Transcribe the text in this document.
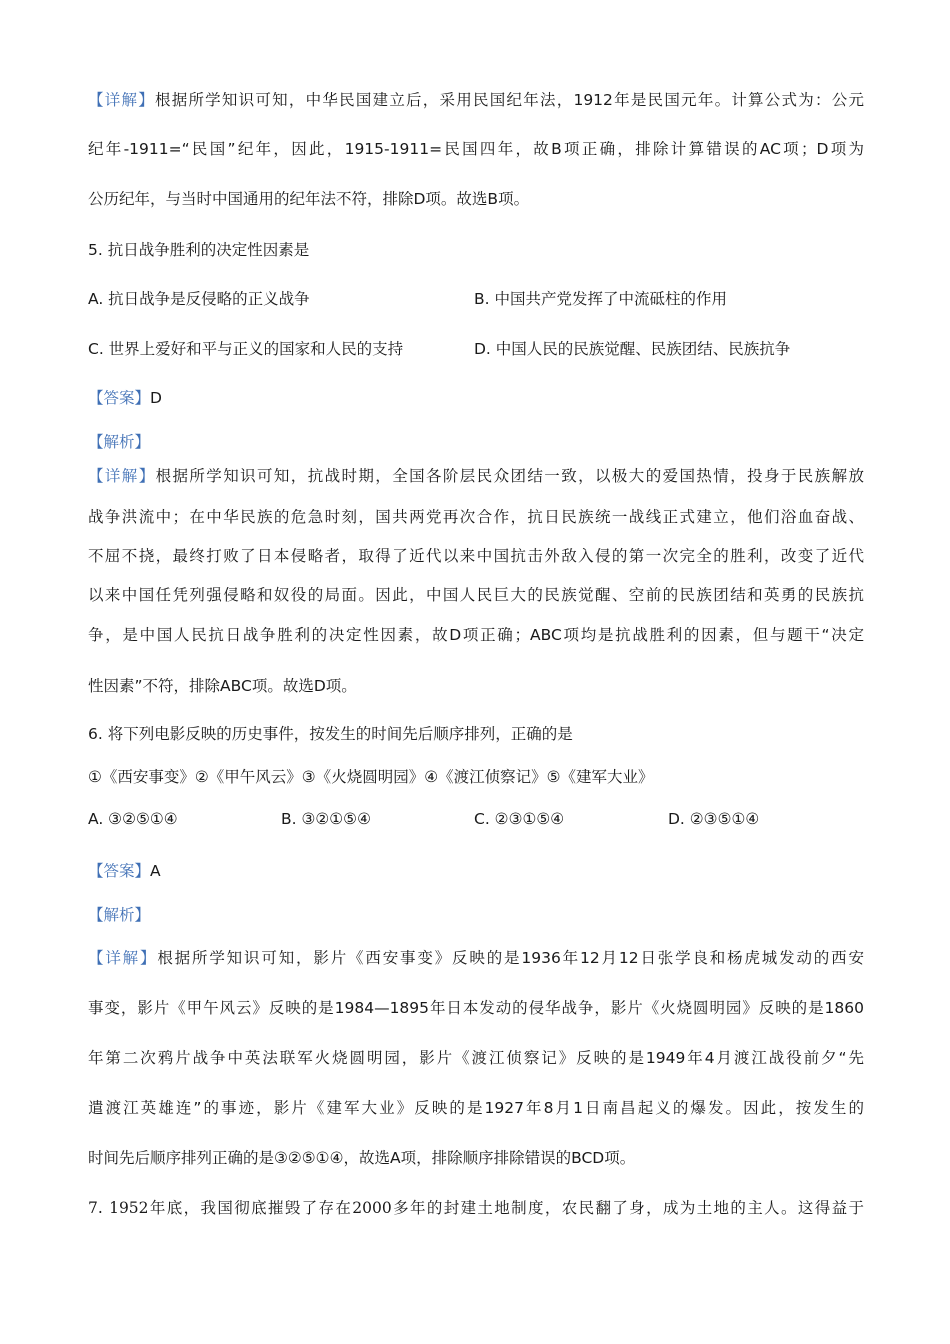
【详解】根据所学知识可知，中华民国建立后，采用民国纪年法，1912年是民国元年。计算公式为：公元
纪年-1911=“民国”纪年，因此，1915-1911=民国四年，故B项正确，排除计算错误的AC项；D项为
公历纪年，与当时中国通用的纪年法不符，排除D项。故选B项。
5. 抗日战争胜利的决定性因素是
A. 抗日战争是反侵略的正义战争	B. 中国共产党发挥了中流砥柱的作用
C. 世界上爱好和平与正义的国家和人民的支持	D. 中国人民的民族觉醒、民族团结、民族抗争
【答案】D
【解析】
【详解】根据所学知识可知，抗战时期，全国各阶层民众团结一致，以极大的爱国热情，投身于民族解放
战争洪流中；在中华民族的危急时刻，国共两党再次合作，抗日民族统一战线正式建立，他们浴血奋战、
不屈不挠，最终打败了日本侵略者，取得了近代以来中国抗击外敌入侵的第一次完全的胜利，改变了近代
以来中国任凭列强侵略和奴役的局面。因此，中国人民巨大的民族觉醒、空前的民族团结和英勇的民族抗
争，是中国人民抗日战争胜利的决定性因素，故D项正确；ABC项均是抗战胜利的因素，但与题干“决定
性因素”不符，排除ABC项。故选D项。
6. 将下列电影反映的历史事件，按发生的时间先后顺序排列，正确的是
①《西安事变》②《甲午风云》③《火烧圆明园》④《渡江侦察记》⑤《建军大业》
A. ③②⑤①④	B. ③②①⑤④	C. ②③①⑤④	D. ②③⑤①④
【答案】A
【解析】
【详解】根据所学知识可知，影片《西安事变》反映的是1936年12月12日张学良和杨虎城发动的西安
事变，影片《甲午风云》反映的是1984—1895年日本发动的侵华战争，影片《火烧圆明园》反映的是1860
年第二次鸦片战争中英法联军火烧圆明园，影片《渡江侦察记》反映的是1949年4月渡江战役前夕“先
遣渡江英雄连”的事迹，影片《建军大业》反映的是1927年8月1日南昌起义的爆发。因此，按发生的
时间先后顺序排列正确的是③②⑤①④，故选A项，排除顺序排除错误的BCD项。
7. 1952年底，我国彻底摧毁了存在2000多年的封建土地制度，农民翻了身，成为土地的主人。这得益于
